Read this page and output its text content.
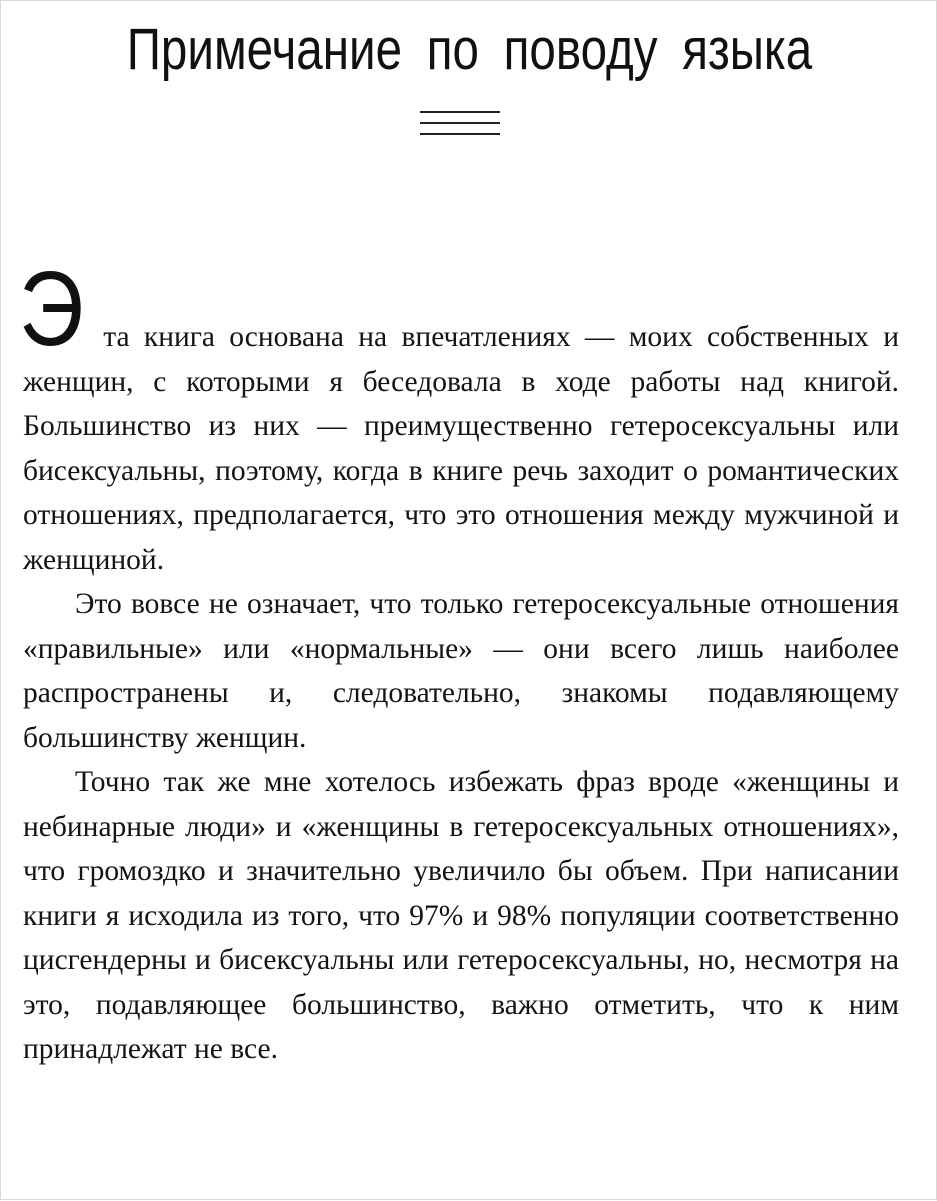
Примечание по поводу языка

Эта книга основана на впечатлениях — моих собственных и женщин, с которыми я беседовала в ходе работы над книгой. Большинство из них — преимущественно гетеросексуальны или бисексуальны, поэтому, когда в книге речь заходит о романтических отношениях, предполагается, что это отношения между мужчиной и женщиной.

Это вовсе не означает, что только гетеросексуальные отношения «правильные» или «нормальные» — они всего лишь наиболее распространены и, следовательно, знакомы подавляющему большинству женщин.

Точно так же мне хотелось избежать фраз вроде «женщины и небинарные люди» и «женщины в гетеросексуальных отношениях», что громоздко и значительно увеличило бы объем. При написании книги я исходила из того, что 97% и 98% популяции соответственно цисгендерны и бисексуальны или гетеросексуальны, но, несмотря на это, подавляющее большинство, важно отметить, что к ним принадлежат не все.
